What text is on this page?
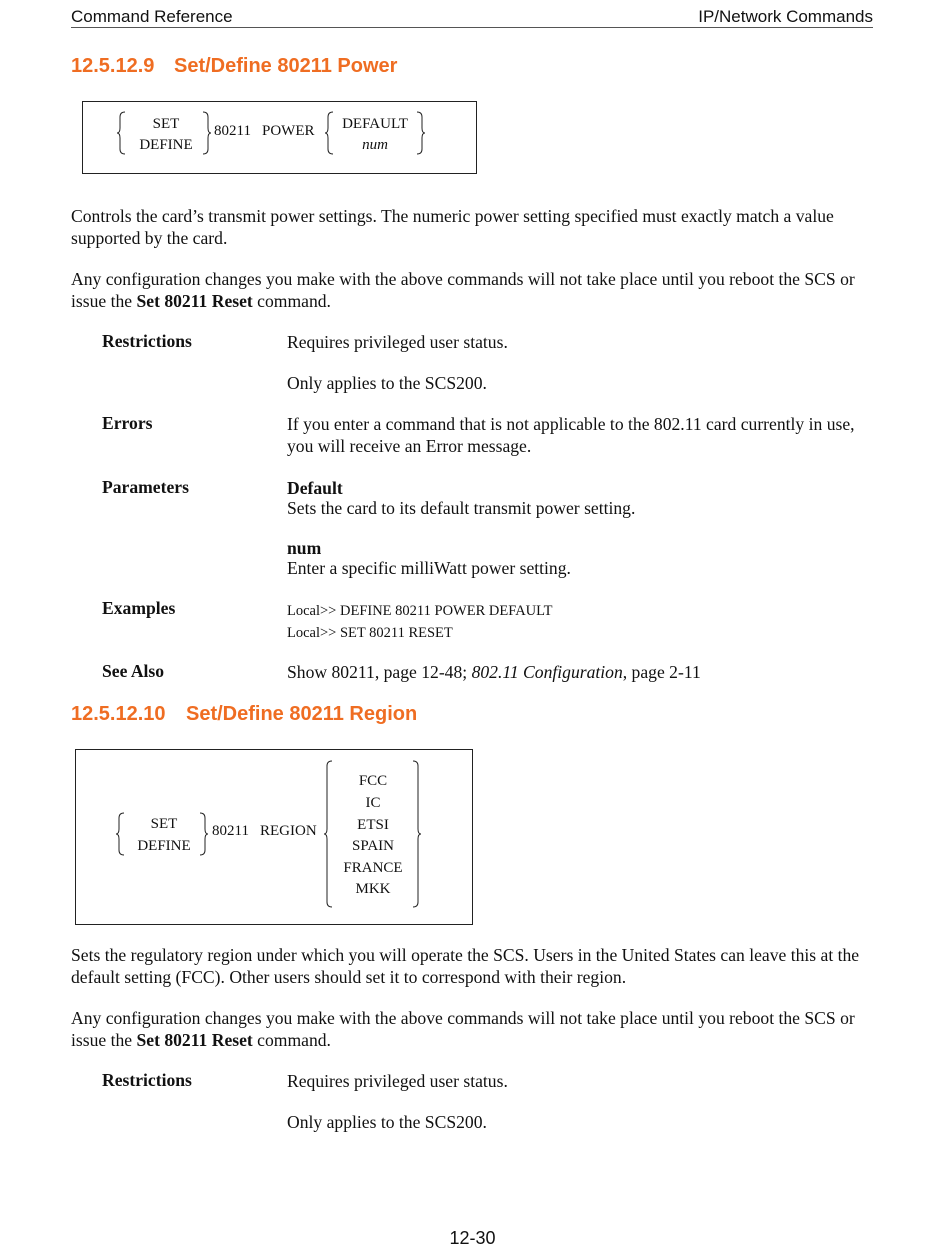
Command Reference	IP/Network Commands
12.5.12.9 Set/Define 80211 Power
SET
DEFINE
80211 POWER	DEFAULT
num
Controls the card’s transmit power settings. The numeric power setting specified must exactly match a value supported by the card.
Any configuration changes you make with the above commands will not take place until you reboot the SCS or issue the Set 80211 Reset command.
Restrictions	Requires privileged user status.
Only applies to the SCS200.
Errors	If you enter a command that is not applicable to the 802.11 card currently in use, you will receive an Error message.
Parameters	Default
Sets the card to its default transmit power setting.
num
Enter a specific milliWatt power setting.
Examples	Local>> DEFINE 80211 POWER DEFAULT
Local>> SET 80211 RESET
See Also	Show 80211, page 12-48; 802.11 Configuration, page 2-11
12.5.12.10 Set/Define 80211 Region
SET
DEFINE
80211 REGION
FCC
IC
ETSI
SPAIN
FRANCE
MKK
Sets the regulatory region under which you will operate the SCS. Users in the United States can leave this at the default setting (FCC). Other users should set it to correspond with their region.
Any configuration changes you make with the above commands will not take place until you reboot the SCS or issue the Set 80211 Reset command.
Restrictions	Requires privileged user status.
Only applies to the SCS200.
12-30
